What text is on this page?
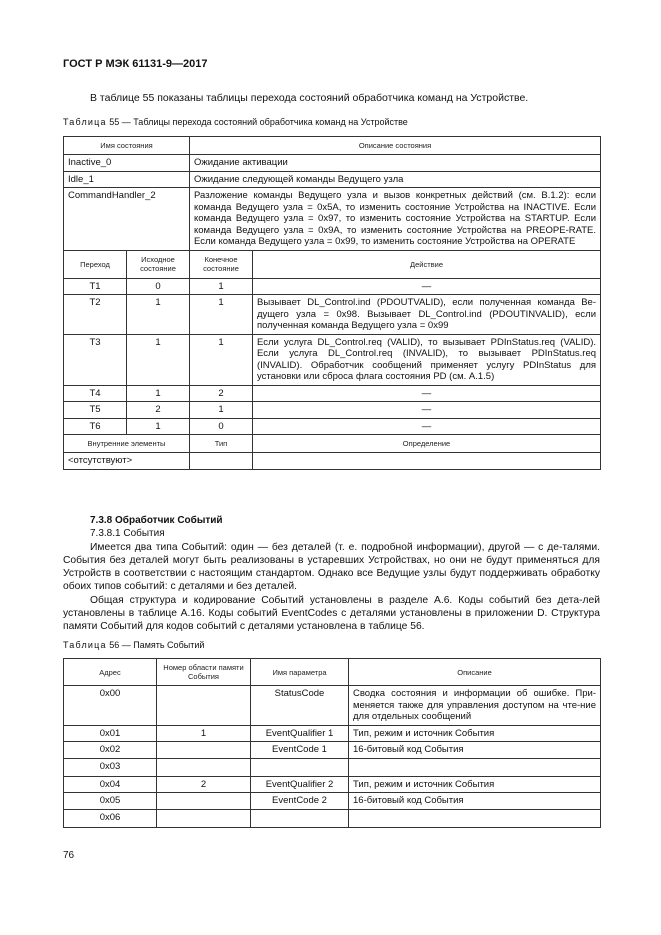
ГОСТ Р МЭК 61131-9—2017
В таблице 55 показаны таблицы перехода состояний обработчика команд на Устройстве.
Таблица 55 — Таблицы перехода состояний обработчика команд на Устройстве
Имя состояния		Описание состояния	
Inactive_0		Ожидание активации	
Idle_1		Ожидание следующей команды Ведущего узла	
CommandHandler_2		Разложение команды Ведущего узла и вызов конкретных действий (см. В.1.2): если команда Ведущего узла = 0x5A, то изменить состояние Устройства на INACTIVE. Если команда Ведущего узла = 0x97, то изменить состояние Устройства на STARTUP. Если команда Ведущего узла = 0x9A, то изменить состояние Устройства на PREOPE-RATE. Если команда Ведущего узла = 0x99, то изменить состояние Устройства на OPERATE	
Переход	Исходное состояние	Конечное состояние	Действие
T1	0	1	—
T2	1	1	Вызывает DL_Control.ind (PDOUTVALID), если полученная команда Ве-дущего узла = 0x98. Вызывает DL_Control.ind (PDOUTINVALID), если полученная команда Ведущего узла = 0x99
T3	1	1	Если услуга DL_Control.req (VALID), то вызывает PDInStatus.req (VALID). Если услуга DL_Control.req (INVALID), то вызывает PDInStatus.req (INVALID). Обработчик сообщений применяет услугу PDInStatus для установки или сброса флага состояния PD (см. А.1.5)
T4	1	2	—
T5	2	1	—
T6	1	0	—
Внутренние элементы		Тип	Определение
<отсутствуют>			
7.3.8 Обработчик Событий
7.3.8.1 События
Имеется два типа Событий: один — без деталей (т. е. подробной информации), другой — с де-талями. События без деталей могут быть реализованы в устаревших Устройствах, но они не будут применяться для Устройств в соответствии с настоящим стандартом. Однако все Ведущие узлы будут поддерживать обработку обоих типов событий: с деталями и без деталей.
Общая структура и кодирование Событий установлены в разделе А.6. Коды событий без дета-лей установлены в таблице А.16. Коды событий EventCodes с деталями установлены в приложении D. Структура памяти Событий для кодов событий с деталями установлена в таблице 56.
Таблица 56 — Память Событий
Адрес	Номер области памяти События	Имя параметра	Описание
0x00		StatusCode	Сводка состояния и информации об ошибке. При-меняется также для управления доступом на чте-ние для отдельных сообщений
0x01	1	EventQualifier 1	Тип, режим и источник События
0x02		EventCode 1	16-битовый код События
0x03			
0x04	2	EventQualifier 2	Тип, режим и источник События
0x05		EventCode 2	16-битовый код События
0x06			
76
